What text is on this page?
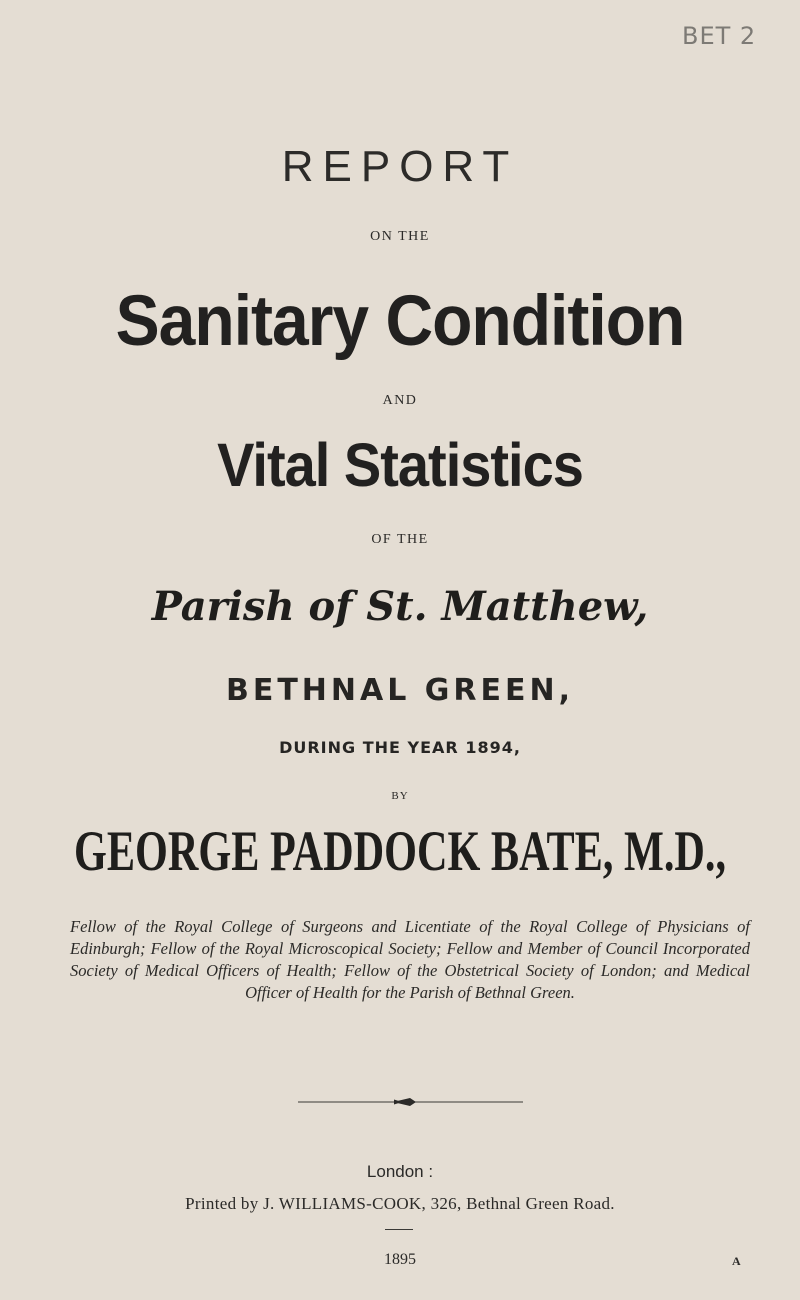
BET 2
REPORT
ON THE
Sanitary Condition
AND
Vital Statistics
OF THE
Parish of St. Matthew,
BETHNAL GREEN,
DURING THE YEAR 1894,
BY
GEORGE PADDOCK BATE, M.D.,
Fellow of the Royal College of Surgeons and Licentiate of the Royal College of Physicians of Edinburgh; Fellow of the Royal Microscopical Society; Fellow and Member of Council Incorporated Society of Medical Officers of Health; Fellow of the Obstetrical Society of London; and Medical Officer of Health for the Parish of Bethnal Green.
London :
Printed by J. WILLIAMS-COOK, 326, Bethnal Green Road.
1895	A
